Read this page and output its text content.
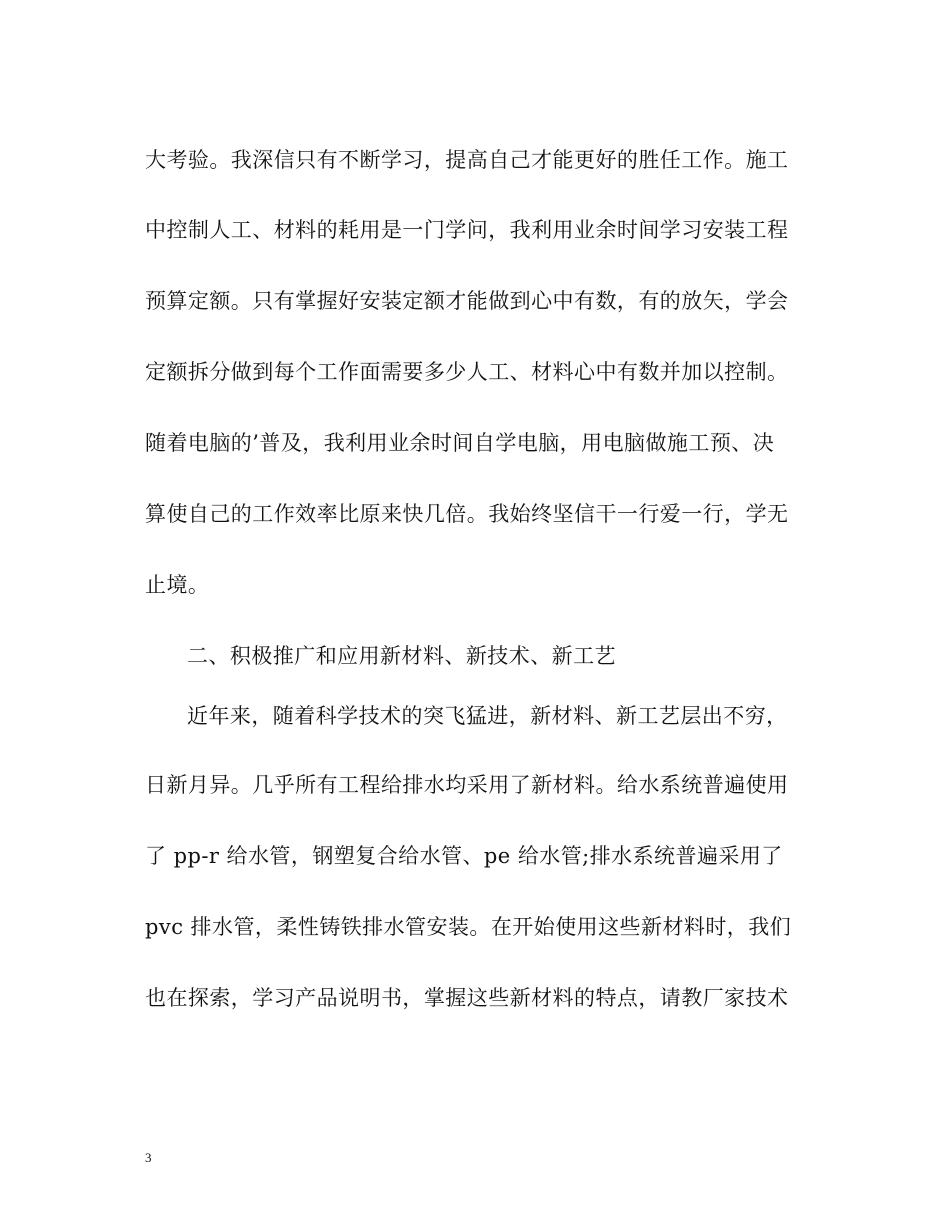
大考验。我深信只有不断学习，提高自己才能更好的胜任工作。施工
中控制人工、材料的耗用是一门学问，我利用业余时间学习安装工程
预算定额。只有掌握好安装定额才能做到心中有数，有的放矢，学会
定额拆分做到每个工作面需要多少人工、材料心中有数并加以控制。
随着电脑的’普及，我利用业余时间自学电脑，用电脑做施工预、决
算使自己的工作效率比原来快几倍。我始终坚信干一行爱一行，学无
止境。
二、积极推广和应用新材料、新技术、新工艺
近年来，随着科学技术的突飞猛进，新材料、新工艺层出不穷，
日新月异。几乎所有工程给排水均采用了新材料。给水系统普遍使用
了 pp-r 给水管，钢塑复合给水管、pe 给水管;排水系统普遍采用了
pvc 排水管，柔性铸铁排水管安装。在开始使用这些新材料时，我们
也在探索，学习产品说明书，掌握这些新材料的特点，请教厂家技术
3
